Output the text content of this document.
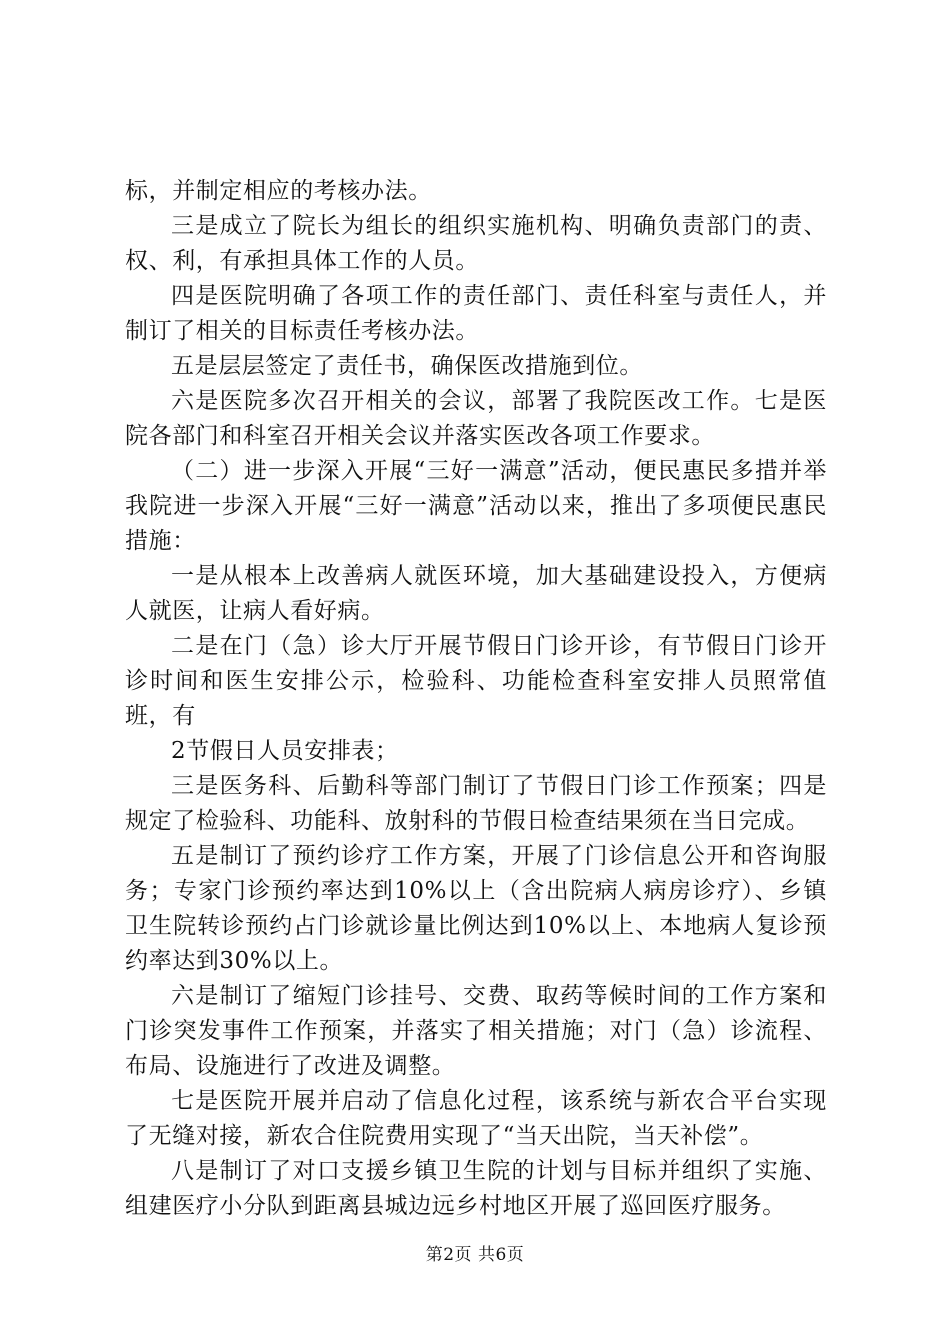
标，并制定相应的考核办法。

三是成立了院长为组长的组织实施机构、明确负责部门的责、权、利，有承担具体工作的人员。

四是医院明确了各项工作的责任部门、责任科室与责任人，并制订了相关的目标责任考核办法。

五是层层签定了责任书，确保医改措施到位。

六是医院多次召开相关的会议，部署了我院医改工作。七是医院各部门和科室召开相关会议并落实医改各项工作要求。

（二）进一步深入开展“三好一满意”活动，便民惠民多措并举我院进一步深入开展“三好一满意”活动以来，推出了多项便民惠民措施：

一是从根本上改善病人就医环境，加大基础建设投入，方便病人就医，让病人看好病。

二是在门（急）诊大厅开展节假日门诊开诊，有节假日门诊开诊时间和医生安排公示，检验科、功能检查科室安排人员照常值班，有

2节假日人员安排表；

三是医务科、后勤科等部门制订了节假日门诊工作预案；四是规定了检验科、功能科、放射科的节假日检查结果须在当日完成。

五是制订了预约诊疗工作方案，开展了门诊信息公开和咨询服务；专家门诊预约率达到10%以上（含出院病人病房诊疗）、乡镇卫生院转诊预约占门诊就诊量比例达到10%以上、本地病人复诊预约率达到30%以上。

六是制订了缩短门诊挂号、交费、取药等候时间的工作方案和门诊突发事件工作预案，并落实了相关措施；对门（急）诊流程、布局、设施进行了改进及调整。

七是医院开展并启动了信息化过程，该系统与新农合平台实现了无缝对接，新农合住院费用实现了“当天出院，当天补偿”。

八是制订了对口支援乡镇卫生院的计划与目标并组织了实施、组建医疗小分队到距离县城边远乡村地区开展了巡回医疗服务。

第2页 共6页
